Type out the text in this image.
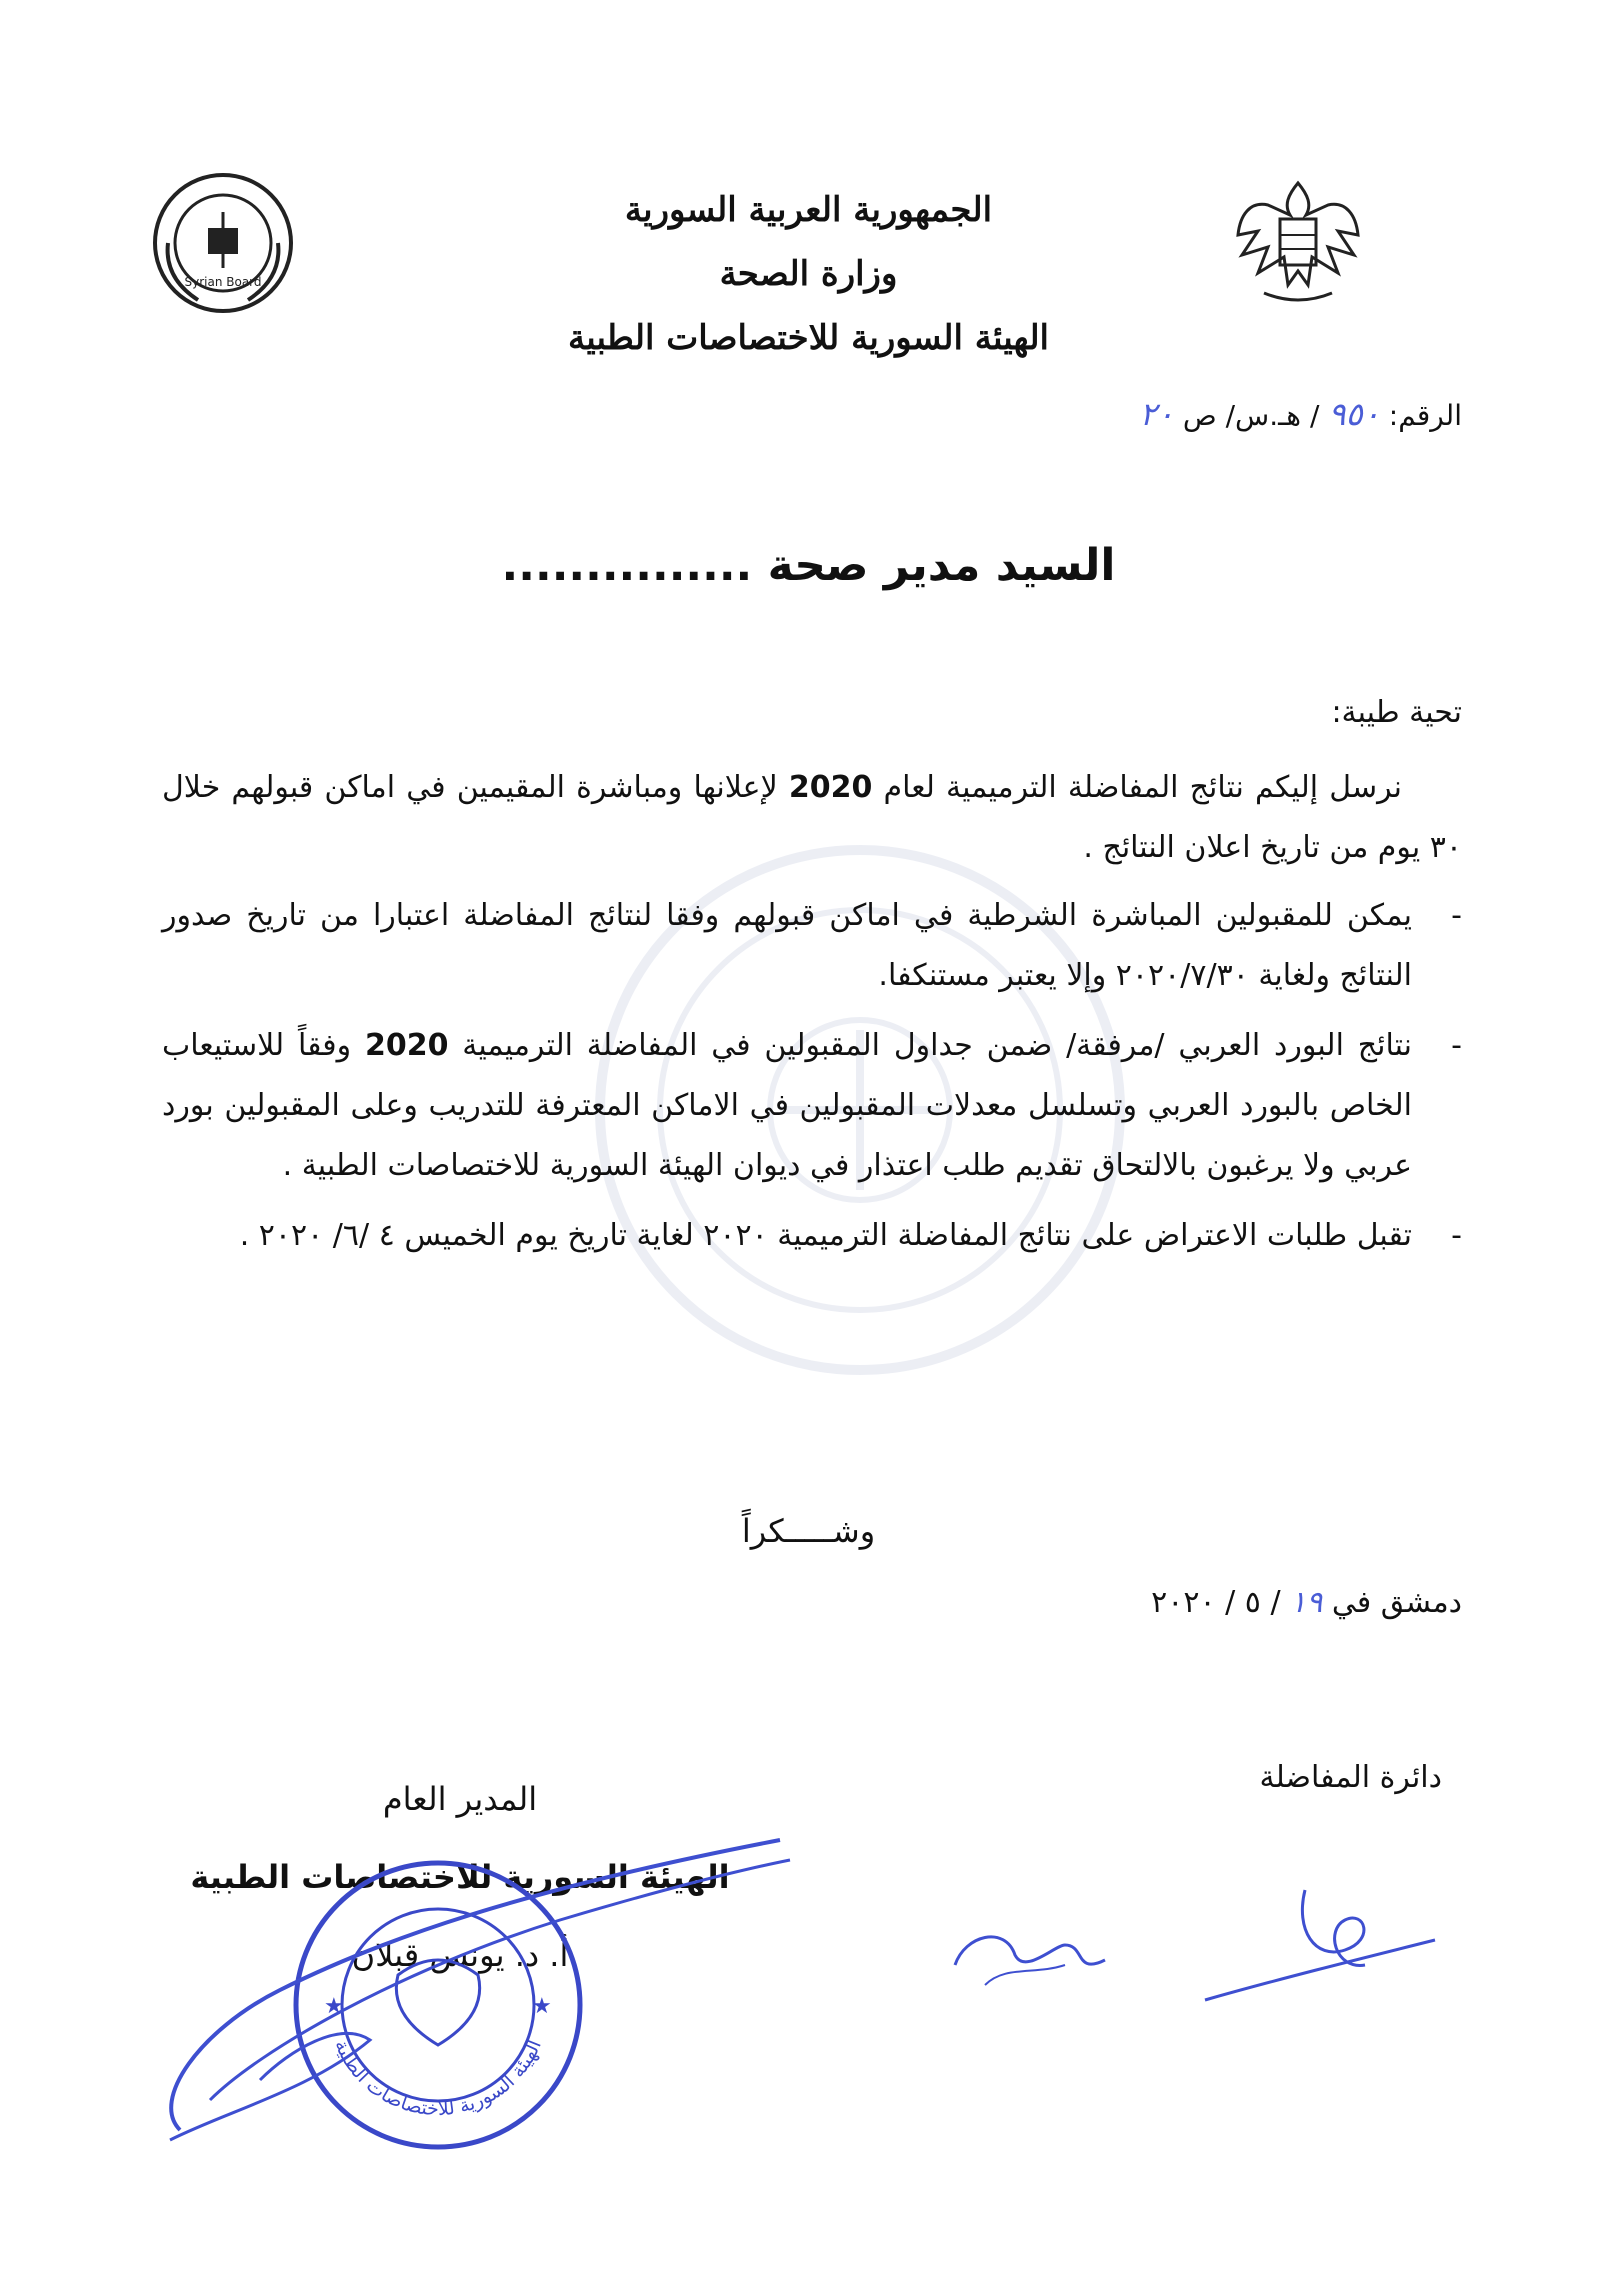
Syrian Board
الجمهورية العربية السورية
وزارة الصحة
الهيئة السورية للاختصاصات الطبية
الرقم: ٩٥٠ / هـ.س/ ص ٢٠
السيد مدير صحة ...............
تحية طيبة:

نرسل إليكم نتائج المفاضلة الترميمية لعام 2020 لإعلانها ومباشرة المقيمين في اماكن قبولهم خلال ٣٠ يوم من تاريخ اعلان النتائج .

-
يمكن للمقبولين المباشرة الشرطية في اماكن قبولهم وفقا لنتائج المفاضلة اعتبارا من تاريخ صدور النتائج ولغاية ٢٠٢٠/٧/٣٠ وإلا يعتبر مستنكفا.
-
نتائج البورد العربي /مرفقة/ ضمن جداول المقبولين في المفاضلة الترميمية 2020 وفقاً للاستيعاب الخاص بالبورد العربي وتسلسل معدلات المقبولين في الاماكن المعترفة للتدريب وعلى المقبولين بورد عربي ولا يرغبون بالالتحاق تقديم طلب اعتذار في ديوان الهيئة السورية للاختصاصات الطبية .
-
تقبل طلبات الاعتراض على نتائج المفاضلة الترميمية ٢٠٢٠ لغاية تاريخ يوم الخميس ٤ /٦/ ٢٠٢٠ .
وشـــــكراً
دمشق في ١٩ / ٥ / ٢٠٢٠
دائرة المفاضلة
المدير العام
الهيئة السورية للاختصاصات الطبية
أ. د. يونس قبلان
★	★
الهيئة السورية للاختصاصات الطبية
